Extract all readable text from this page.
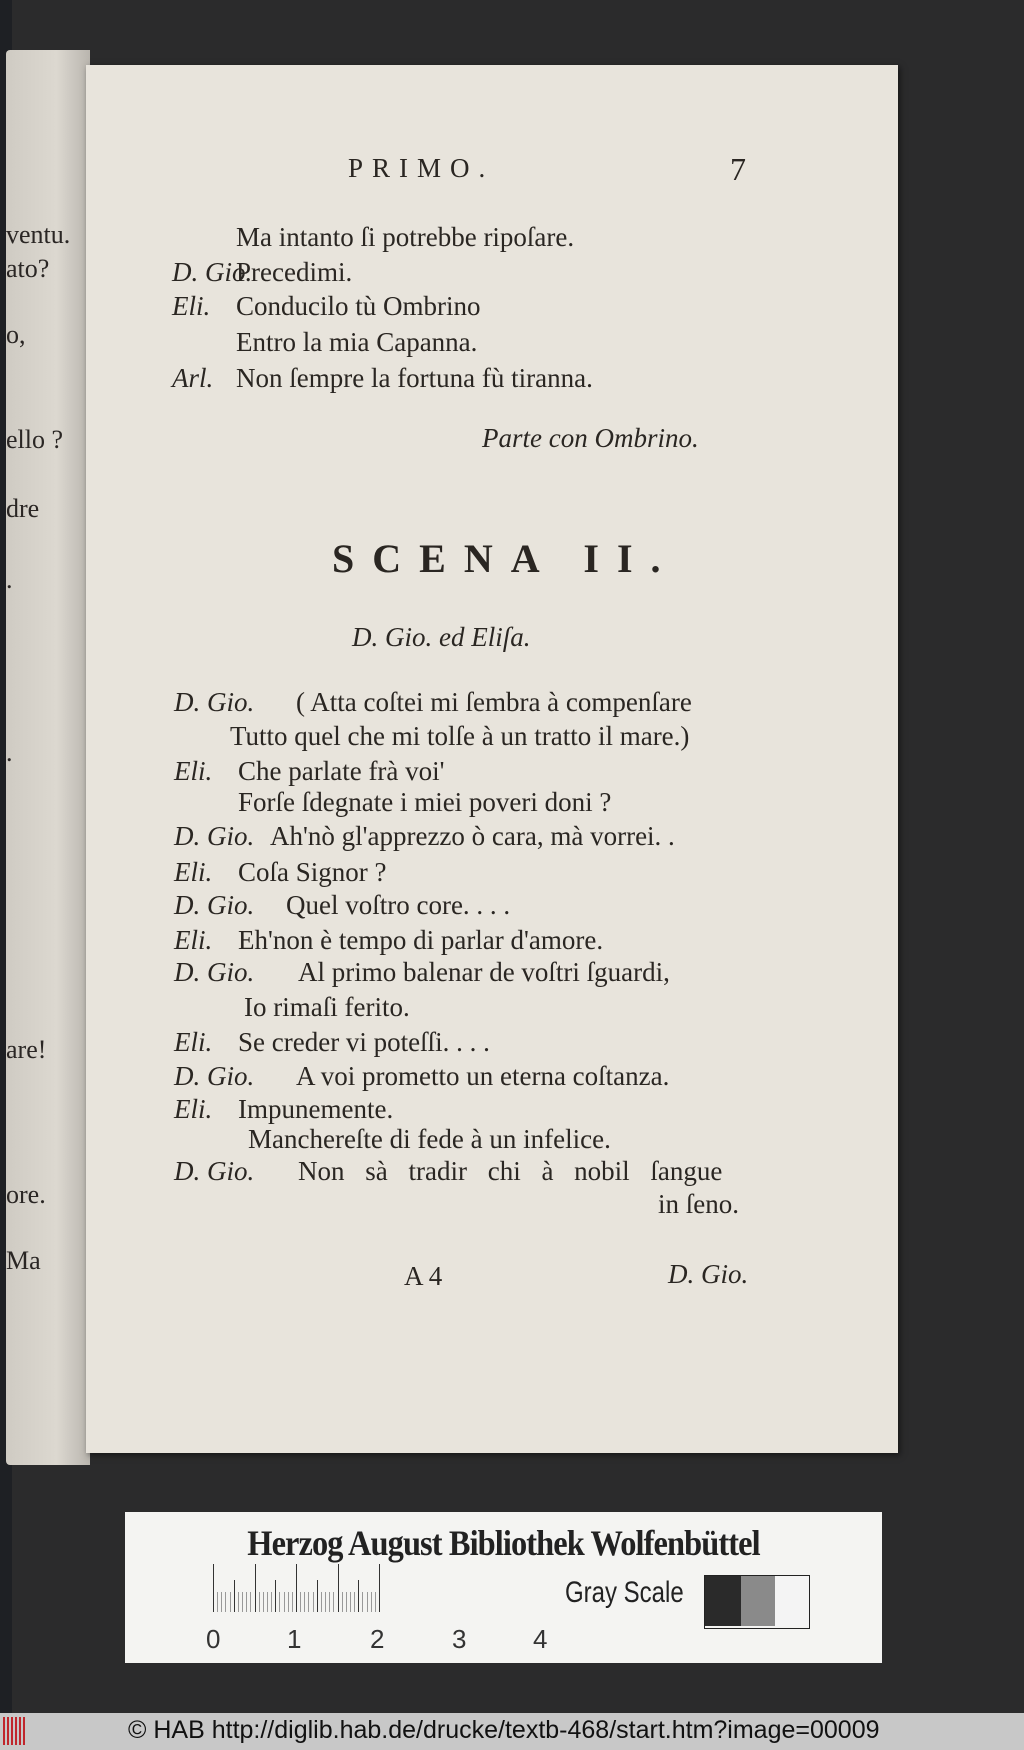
ventu.
ato?
o,
ello ?
dre
.
.
are!
ore.
Ma
PRIMO.	7
Ma intanto ſi potrebbe ripoſare.
D. Gio.Precedimi.
Eli. Conducilo tù Ombrino
Entro la mia Capanna.
Arl. Non ſempre la fortuna fù tiranna.
Parte con Ombrino.
SCENA II.
D. Gio. ed Eliſa.
D. Gio. ( Atta coſtei mi ſembra à compenſare
Tutto quel che mi tolſe à un tratto il mare.)
Eli. Che parlate frà voi'
Forſe ſdegnate i miei poveri doni ?
D. Gio. Ah'nò gl'apprezzo ò cara, mà vorrei. .
Eli. Coſa Signor ?
D. Gio. Quel voſtro core. . . .
Eli. Eh'non è tempo di parlar d'amore.
D. Gio. Al primo balenar de voſtri ſguardi,
Io rimaſi ferito.
Eli. Se creder vi poteſſi. . . .
D. Gio. A voi prometto un eterna coſtanza.
Eli. Impunemente.
Manchereſte di fede à un infelice.
D. Gio. Non sà tradir chi à nobil ſangue
in ſeno.
A 4	D. Gio.
Herzog August Bibliothek Wolfenbüttel
0	1	2	3	4
Gray Scale
© HAB http://diglib.hab.de/drucke/textb-468/start.htm?image=00009
